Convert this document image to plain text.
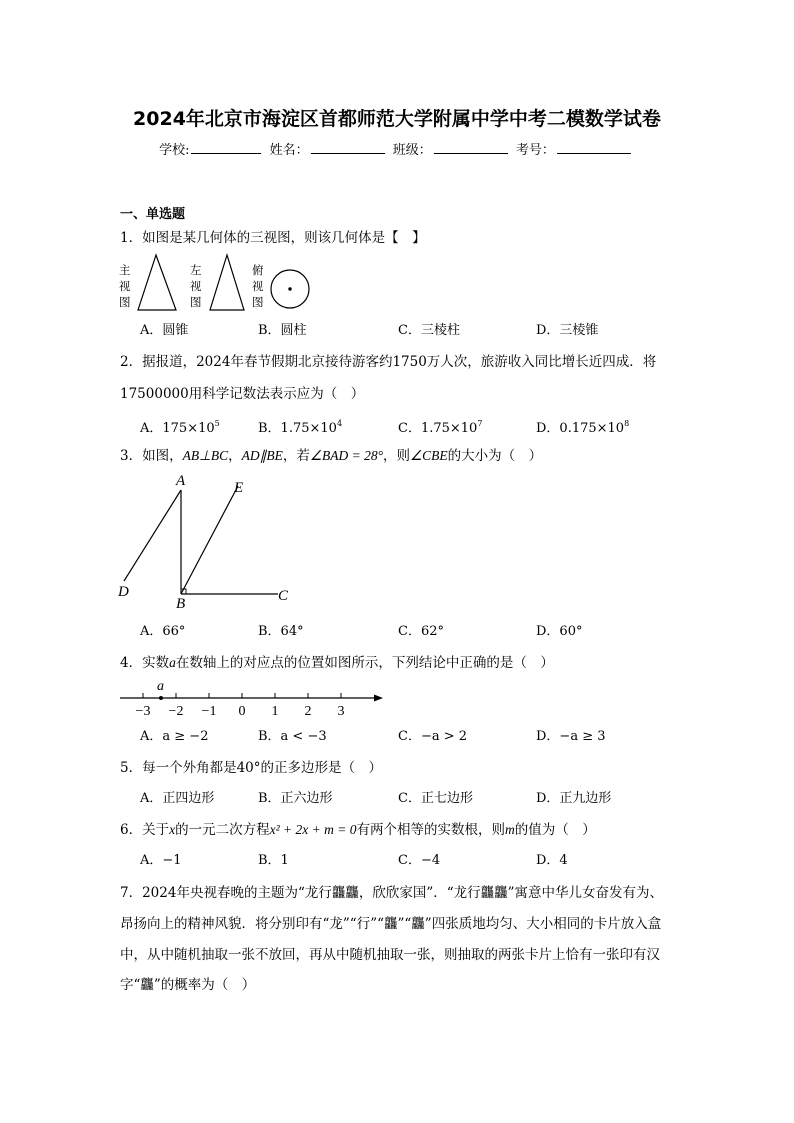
2024年北京市海淀区首都师范大学附属中学中考二模数学试卷
学校:	姓名：	班级：	考号：
一、单选题
1．如图是某几何体的三视图，则该几何体是【　】
主视图
左视图
俯视图
A．圆锥	B．圆柱	C．三棱柱	D．三棱锥
2．据报道，2024年春节假期北京接待游客约1750万人次，旅游收入同比增长近四成．将
17500000用科学记数法表示应为（　）
A．$175\times 10^5$	B．$1.75\times 10^4$	C．$1.75\times 10^7$	D．$0.175\times 10^8$
3．如图，AB⊥BC，AD∥BE，若∠BAD = 28°，则∠CBE的大小为（　）
A	E
D
B	C
A．66°	B．64°	C．62°	D．60°
4．实数a在数轴上的对应点的位置如图所示，下列结论中正确的是（　）
a
−3 −2 −1 0 1 2 3
A．a ≥ −2	B．a < −3	C．−a > 2	D．−a ≥ 3
5．每一个外角都是40°的正多边形是（　）
A．正四边形	B．正六边形	C．正七边形	D．正九边形
6．关于x的一元二次方程x² + 2x + m = 0有两个相等的实数根，则m的值为（　）
A．−1	B．1	C．−4	D．4
7．2024年央视春晚的主题为“龙行龘龘，欣欣家国”．“龙行龘龘”寓意中华儿女奋发有为、
昂扬向上的精神风貌．将分别印有“龙”“行”“龘”“龘”四张质地均匀、大小相同的卡片放入盒
中，从中随机抽取一张不放回，再从中随机抽取一张，则抽取的两张卡片上恰有一张印有汉
字“龘”的概率为（　）
